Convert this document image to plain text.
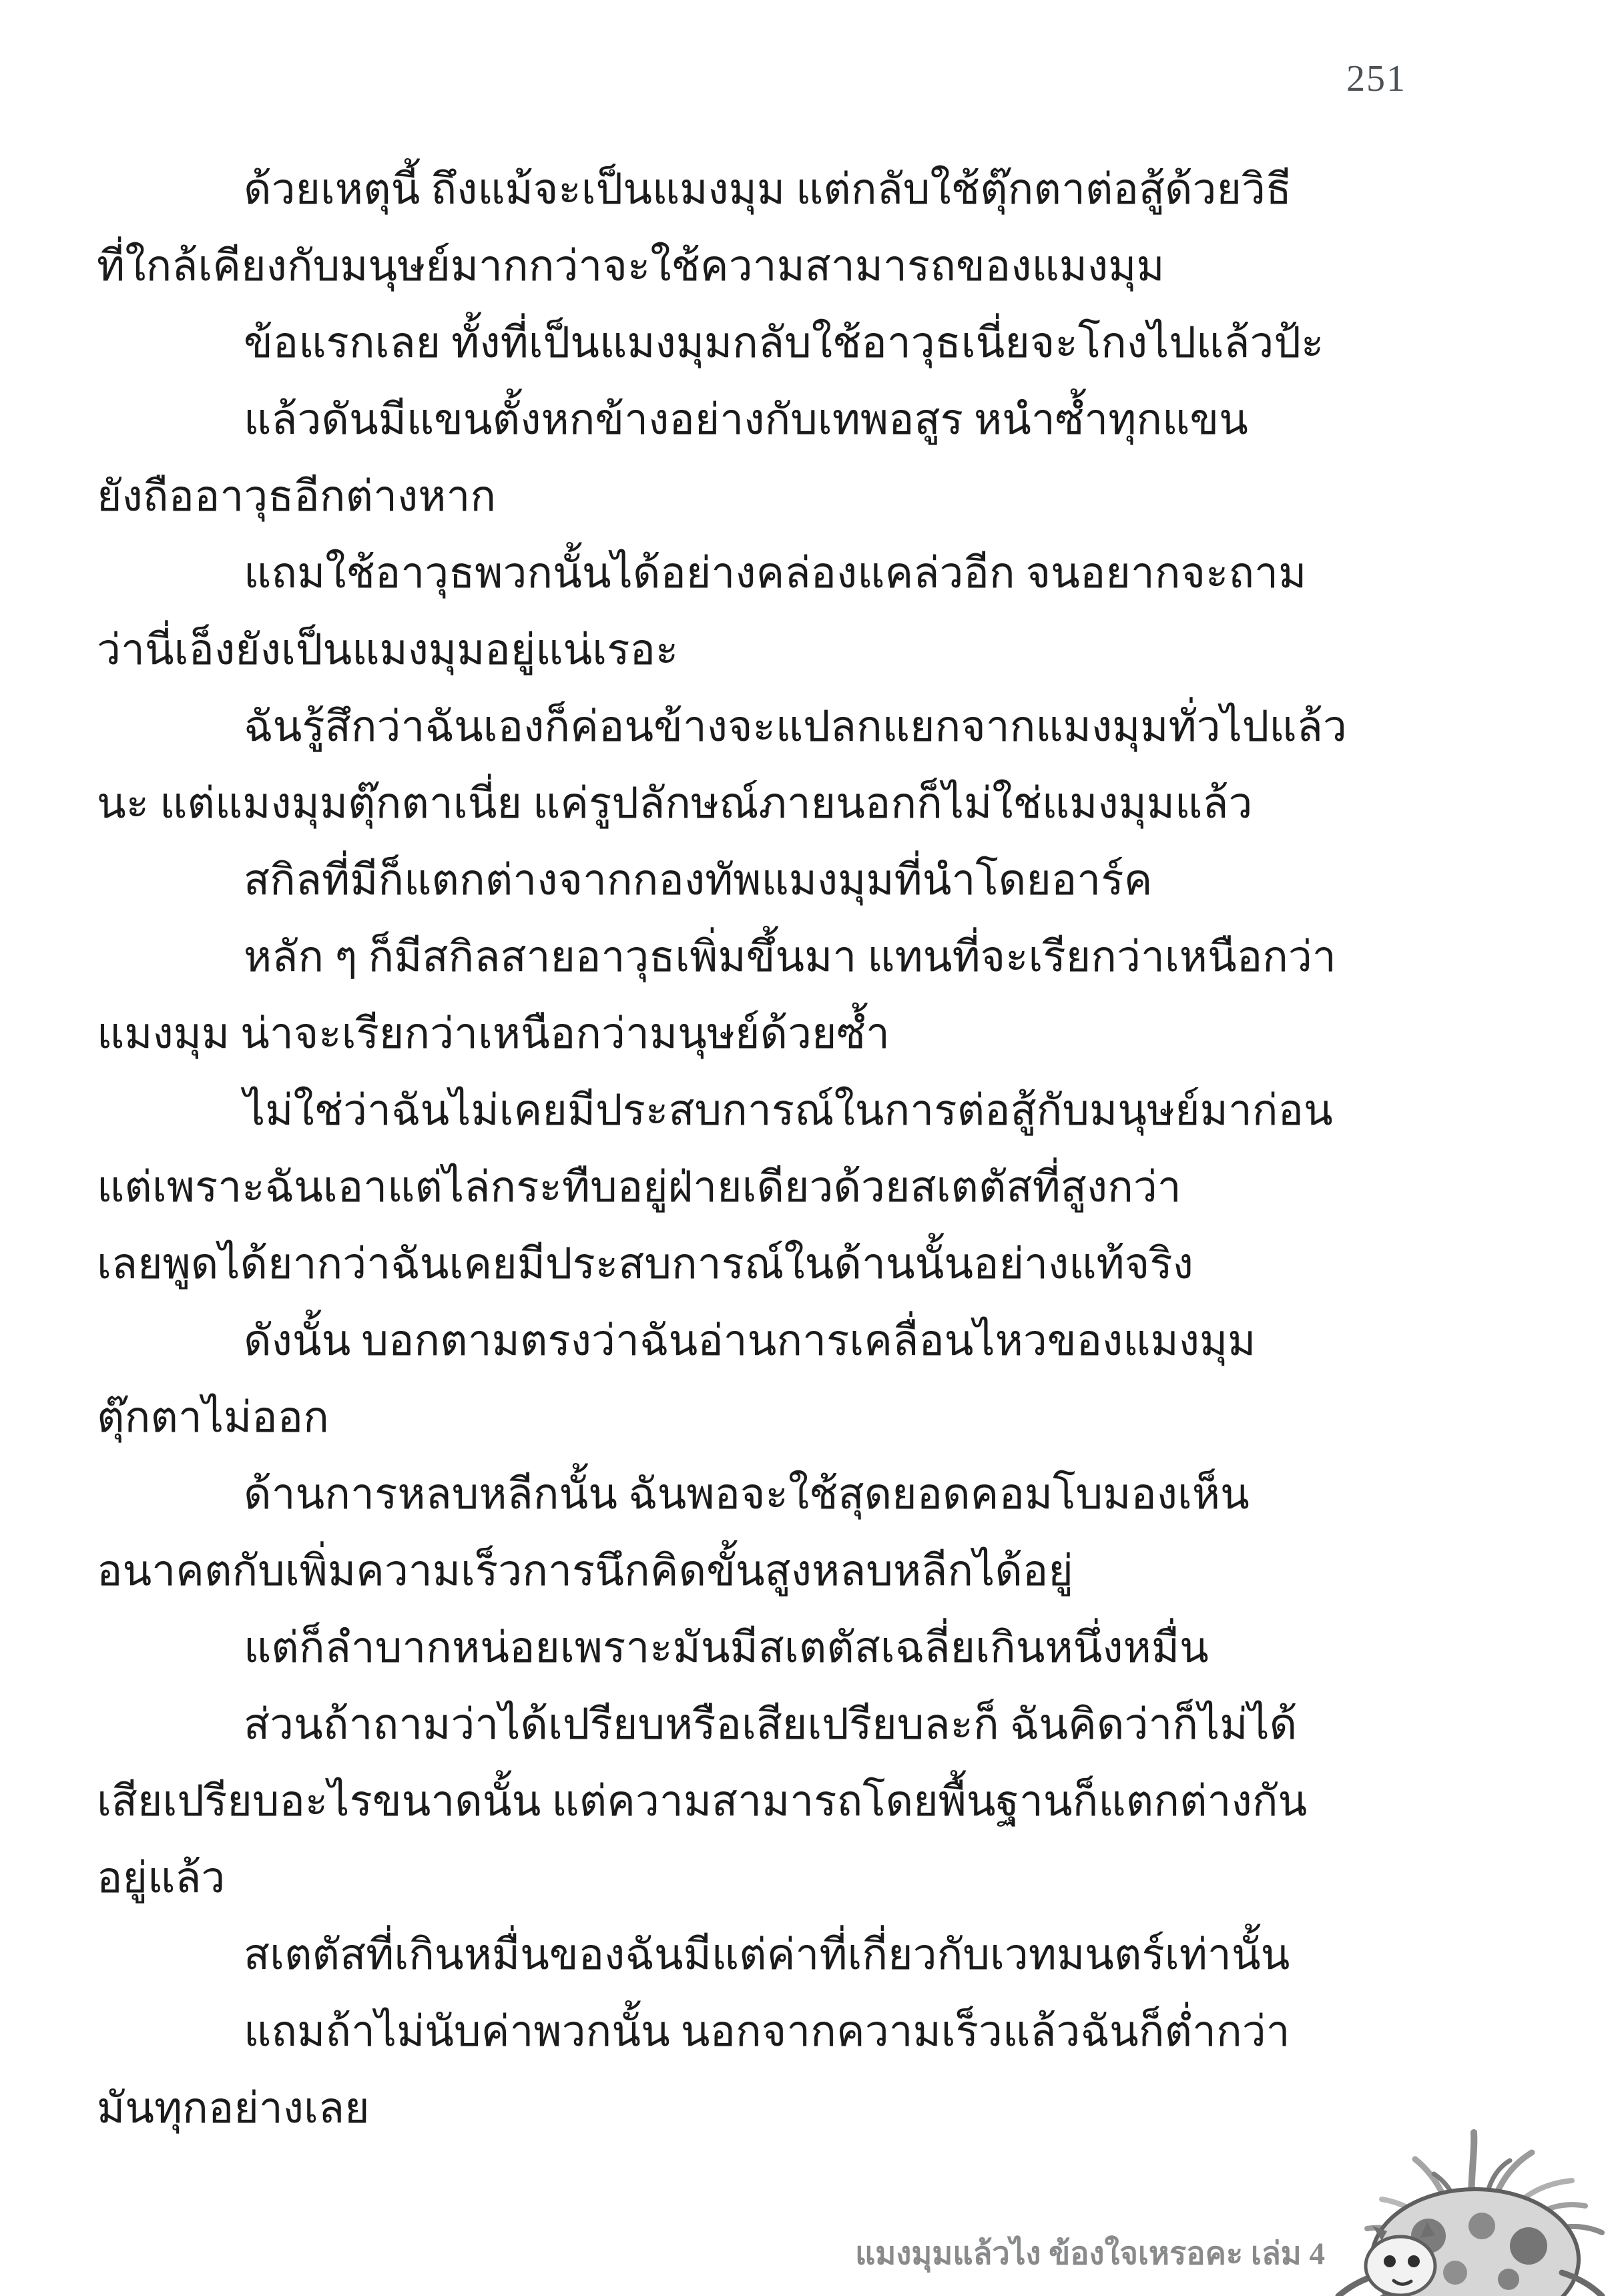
251
ด้วยเหตุนี้ ถึงแม้จะเป็นแมงมุม แต่กลับใช้ตุ๊กตาต่อสู้ด้วยวิธี
ที่ใกล้เคียงกับมนุษย์มากกว่าจะใช้ความสามารถของแมงมุม
ข้อแรกเลย ทั้งที่เป็นแมงมุมกลับใช้อาวุธเนี่ยจะโกงไปแล้วป้ะ
แล้วดันมีแขนตั้งหกข้างอย่างกับเทพอสูร หนำซ้ำทุกแขน
ยังถืออาวุธอีกต่างหาก
แถมใช้อาวุธพวกนั้นได้อย่างคล่องแคล่วอีก จนอยากจะถาม
ว่านี่เอ็งยังเป็นแมงมุมอยู่แน่เรอะ
ฉันรู้สึกว่าฉันเองก็ค่อนข้างจะแปลกแยกจากแมงมุมทั่วไปแล้ว
นะ แต่แมงมุมตุ๊กตาเนี่ย แค่รูปลักษณ์ภายนอกก็ไม่ใช่แมงมุมแล้ว
สกิลที่มีก็แตกต่างจากกองทัพแมงมุมที่นำโดยอาร์ค
หลัก ๆ ก็มีสกิลสายอาวุธเพิ่มขึ้นมา แทนที่จะเรียกว่าเหนือกว่า
แมงมุม น่าจะเรียกว่าเหนือกว่ามนุษย์ด้วยซ้ำ
ไม่ใช่ว่าฉันไม่เคยมีประสบการณ์ในการต่อสู้กับมนุษย์มาก่อน
แต่เพราะฉันเอาแต่ไล่กระทืบอยู่ฝ่ายเดียวด้วยสเตตัสที่สูงกว่า
เลยพูดได้ยากว่าฉันเคยมีประสบการณ์ในด้านนั้นอย่างแท้จริง
ดังนั้น บอกตามตรงว่าฉันอ่านการเคลื่อนไหวของแมงมุม
ตุ๊กตาไม่ออก
ด้านการหลบหลีกนั้น ฉันพอจะใช้สุดยอดคอมโบมองเห็น
อนาคตกับเพิ่มความเร็วการนึกคิดขั้นสูงหลบหลีกได้อยู่
แต่ก็ลำบากหน่อยเพราะมันมีสเตตัสเฉลี่ยเกินหนึ่งหมื่น
ส่วนถ้าถามว่าได้เปรียบหรือเสียเปรียบละก็ ฉันคิดว่าก็ไม่ได้
เสียเปรียบอะไรขนาดนั้น แต่ความสามารถโดยพื้นฐานก็แตกต่างกัน
อยู่แล้ว
สเตตัสที่เกินหมื่นของฉันมีแต่ค่าที่เกี่ยวกับเวทมนตร์เท่านั้น
แถมถ้าไม่นับค่าพวกนั้น นอกจากความเร็วแล้วฉันก็ต่ำกว่า
มันทุกอย่างเลย
แมงมุมแล้วไง ข้องใจเหรอคะ เล่ม 4
